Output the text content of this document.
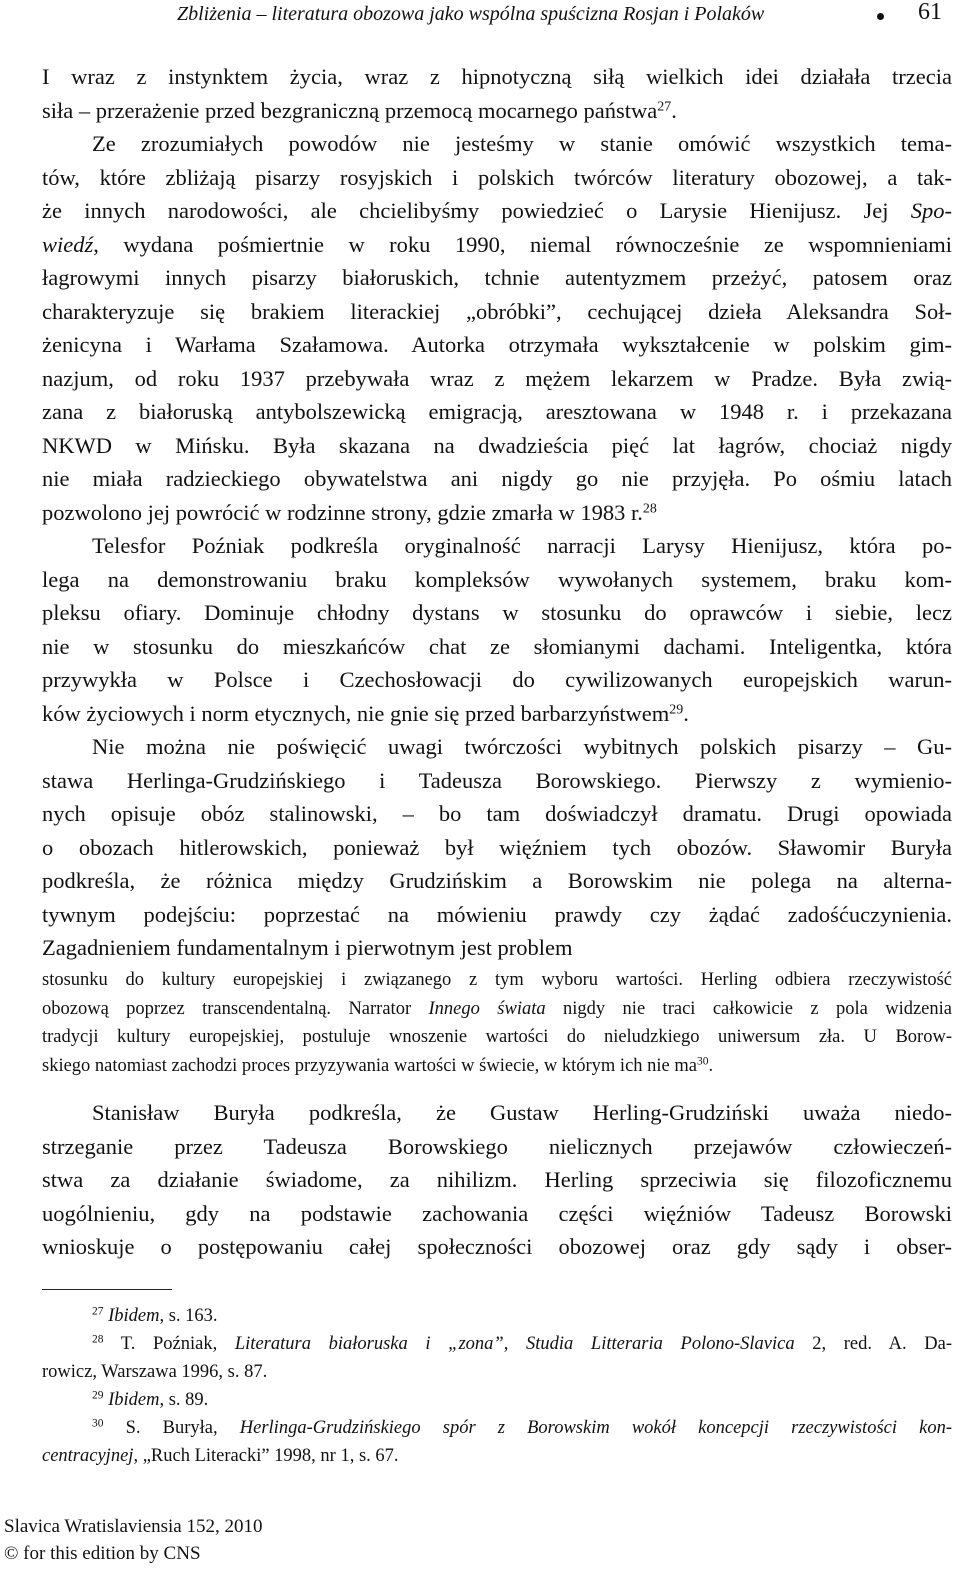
Zbliżenia – literatura obozowa jako wspólna spuścizna Rosjan i Polaków	61
I wraz z instynktem życia, wraz z hipnotyczną siłą wielkich idei działała trzecia
siła – przerażenie przed bezgraniczną przemocą mocarnego państwa$^{27}$.
Ze zrozumiałych powodów nie jesteśmy w stanie omówić wszystkich tema-
tów, które zbliżają pisarzy rosyjskich i polskich twórców literatury obozowej, a tak-
że innych narodowości, ale chcielibyśmy powiedzieć o Larysie Hienijusz. Jej Spo-
wiedź, wydana pośmiertnie w roku 1990, niemal równocześnie ze wspomnieniami
łagrowymi innych pisarzy białoruskich, tchnie autentyzmem przeżyć, patosem oraz
charakteryzuje się brakiem literackiej „obróbki”, cechującej dzieła Aleksandra Soł-
żenicyna i Warłama Szałamowa. Autorka otrzymała wykształcenie w polskim gim-
nazjum, od roku 1937 przebywała wraz z mężem lekarzem w Pradze. Była zwią-
zana z białoruską antybolszewicką emigracją, aresztowana w 1948 r. i przekazana
NKWD w Mińsku. Była skazana na dwadzieścia pięć lat łagrów, chociaż nigdy
nie miała radzieckiego obywatelstwa ani nigdy go nie przyjęła. Po ośmiu latach
pozwolono jej powrócić w rodzinne strony, gdzie zmarła w 1983 r.$^{28}$
Telesfor Poźniak podkreśla oryginalność narracji Larysy Hienijusz, która po-
lega na demonstrowaniu braku kompleksów wywołanych systemem, braku kom-
pleksu ofiary. Dominuje chłodny dystans w stosunku do oprawców i siebie, lecz
nie w stosunku do mieszkańców chat ze słomianymi dachami. Inteligentka, która
przywykła w Polsce i Czechosłowacji do cywilizowanych europejskich warun-
ków życiowych i norm etycznych, nie gnie się przed barbarzyństwem$^{29}$.
Nie można nie poświęcić uwagi twórczości wybitnych polskich pisarzy – Gu-
stawa Herlinga-Grudzińskiego i Tadeusza Borowskiego. Pierwszy z wymienio-
nych opisuje obóz stalinowski, – bo tam doświadczył dramatu. Drugi opowiada
o obozach hitlerowskich, ponieważ był więźniem tych obozów. Sławomir Buryła
podkreśla, że różnica między Grudzińskim a Borowskim nie polega na alterna-
tywnym podejściu: poprzestać na mówieniu prawdy czy żądać zadośćuczynienia.
Zagadnieniem fundamentalnym i pierwotnym jest problem
stosunku do kultury europejskiej i związanego z tym wyboru wartości. Herling odbiera rzeczywistość
obozową poprzez transcendentalną. Narrator Innego świata nigdy nie traci całkowicie z pola widzenia
tradycji kultury europejskiej, postuluje wnoszenie wartości do nieludzkiego uniwersum zła. U Borow-
skiego natomiast zachodzi proces przyzywania wartości w świecie, w którym ich nie $ma^{30}$.
Stanisław Buryła podkreśla, że Gustaw Herling-Grudziński uważa niedo-
strzeganie przez Tadeusza Borowskiego nielicznych przejawów człowieczeń-
stwa za działanie świadome, za nihilizm. Herling sprzeciwia się filozoficznemu
uogólnieniu, gdy na podstawie zachowania części więźniów Tadeusz Borowski
wnioskuje o postępowaniu całej społeczności obozowej oraz gdy sądy i obser-
$^{27}$ Ibidem, s. 163.
$^{28}$ T. Poźniak, Literatura białoruska i „zona”, Studia Litteraria Polono-Slavica 2, red. A. Da-
rowicz, Warszawa 1996, s. 87.
$^{29}$ Ibidem, s. 89.
$^{30}$ S. Buryła, Herlinga-Grudzińskiego spór z Borowskim wokół koncepcji rzeczywistości kon-
centracyjnej, „Ruch Literacki” 1998, nr 1, s. 67.
Slavica Wratislaviensia 152, 2010
© for this edition by CNS
